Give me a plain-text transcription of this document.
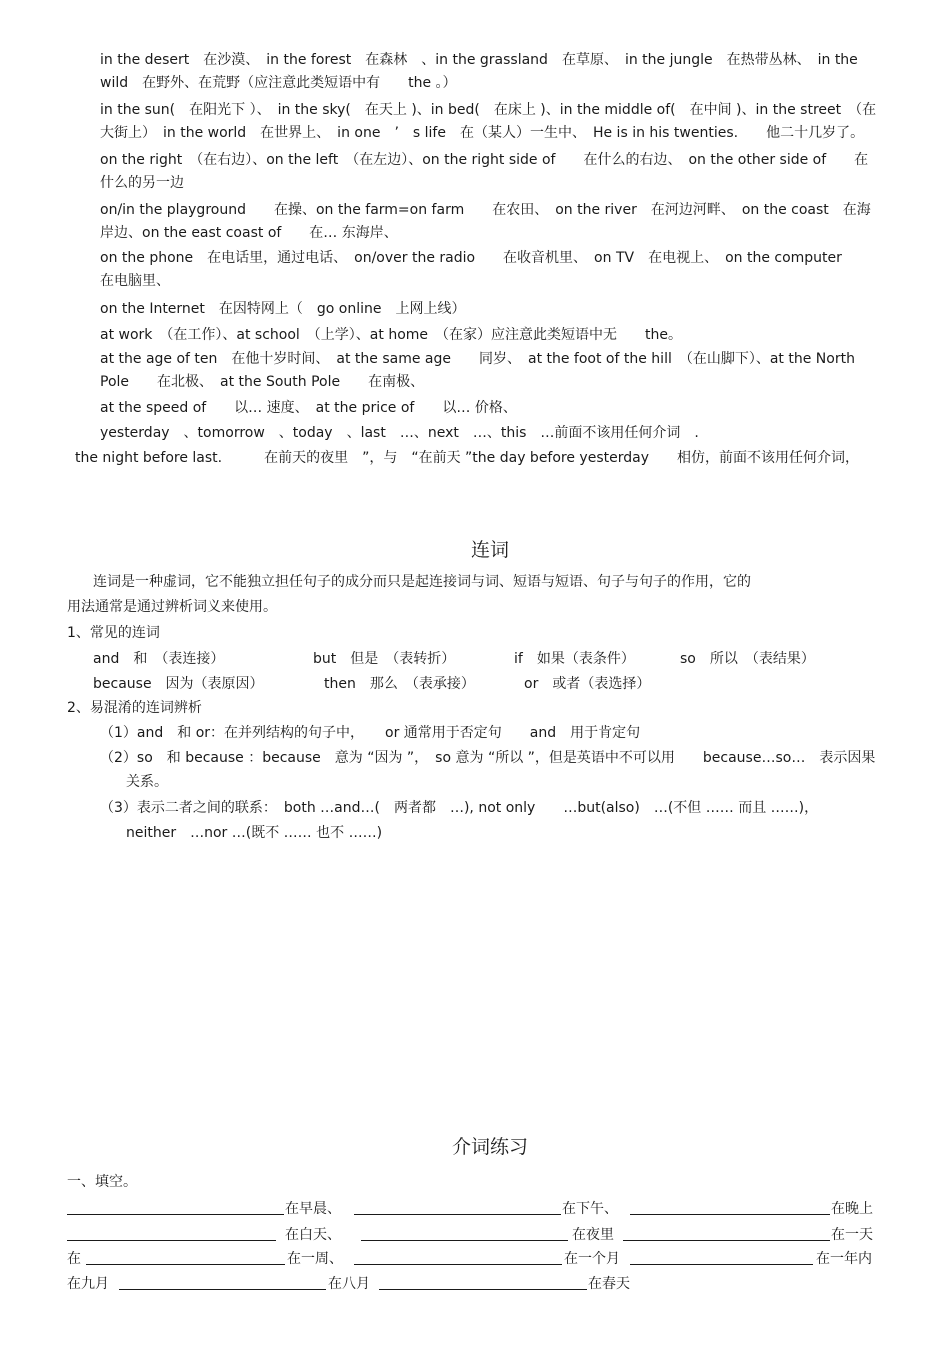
in the desert　在沙漠、　in the forest　在森林　、in the grassland　在草原、　in the jungle　在热带丛林、　in the wild　在野外、在荒野（应注意此类短语中有　　the 。）
in the sun(　在阳光下 ）、　in the sky(　在天上 )、in bed(　在床上 )、in the middle of(　在中间 )、in the street　（在大街上）　in the world　在世界上、　in one　’　s life　在（某人）一生中、　He is in his twenties.　　他二十几岁了。
on the right　（在右边）、on the left　（在左边）、on the right side of　　在什么的右边、　on the other side of　　在什么的另一边
on/in the playground　　在操、on the farm=on farm　　在农田、　on the river　在河边河畔、　on the coast　在海岸边、on the east coast of　　在… 东海岸、
on the phone　在电话里，通过电话、　on/over the radio　　在收音机里、　on TV　在电视上、　on the computer　　在电脑里、
on the Internet　在因特网上（　go online　上网上线）
at work　（在工作）、at school　（上学）、at home　（在家）应注意此类短语中无　　the。
at the age of ten　在他十岁时间、　at the same age　　同岁、　at the foot of the hill　（在山脚下）、at the North Pole　　在北极、　at the South Pole　　在南极、
at the speed of　　以… 速度、　at the price of　　以… 价格、
yesterday　、tomorrow　、today　、last　…、next　…、this　…前面不该用任何介词　.
the night before last.　　　在前天的夜里　”，与　“在前天 ”the day before yesterday　　相仿，前面不该用任何介词，
连词
连词是一种虚词，它不能独立担任句子的成分而只是起连接词与词、短语与短语、句子与句子的作用，它的
用法通常是通过辨析词义来使用。
1、常见的连词
and　和　（表连接）	but　但是　（表转折）	if　如果（表条件）	so　所以　（表结果）
because　因为（表原因）	then　那么　（表承接）	or　或者（表选择）
2、易混淆的连词辨析
（1）and　和 or：在并列结构的句子中，　　or 通常用于否定句　　and　用于肯定句
（2）so　和 because ：because　意为 “因为 ”，　so 意为 “所以 ”，但是英语中不可以用　　because…so…　表示因果
关系。
（3）表示二者之间的联系：　both …and…(　两者都　…), not only　　…but(also)　…(不但 …… 而且 ……)，
neither　…nor …(既不 …… 也不 ……)
介词练习
一、填空。
在早晨、	在下午、	在晚上
在白天、	在夜里	在一天
在	在一周、	在一个月	在一年内
在九月	在八月	在春天
